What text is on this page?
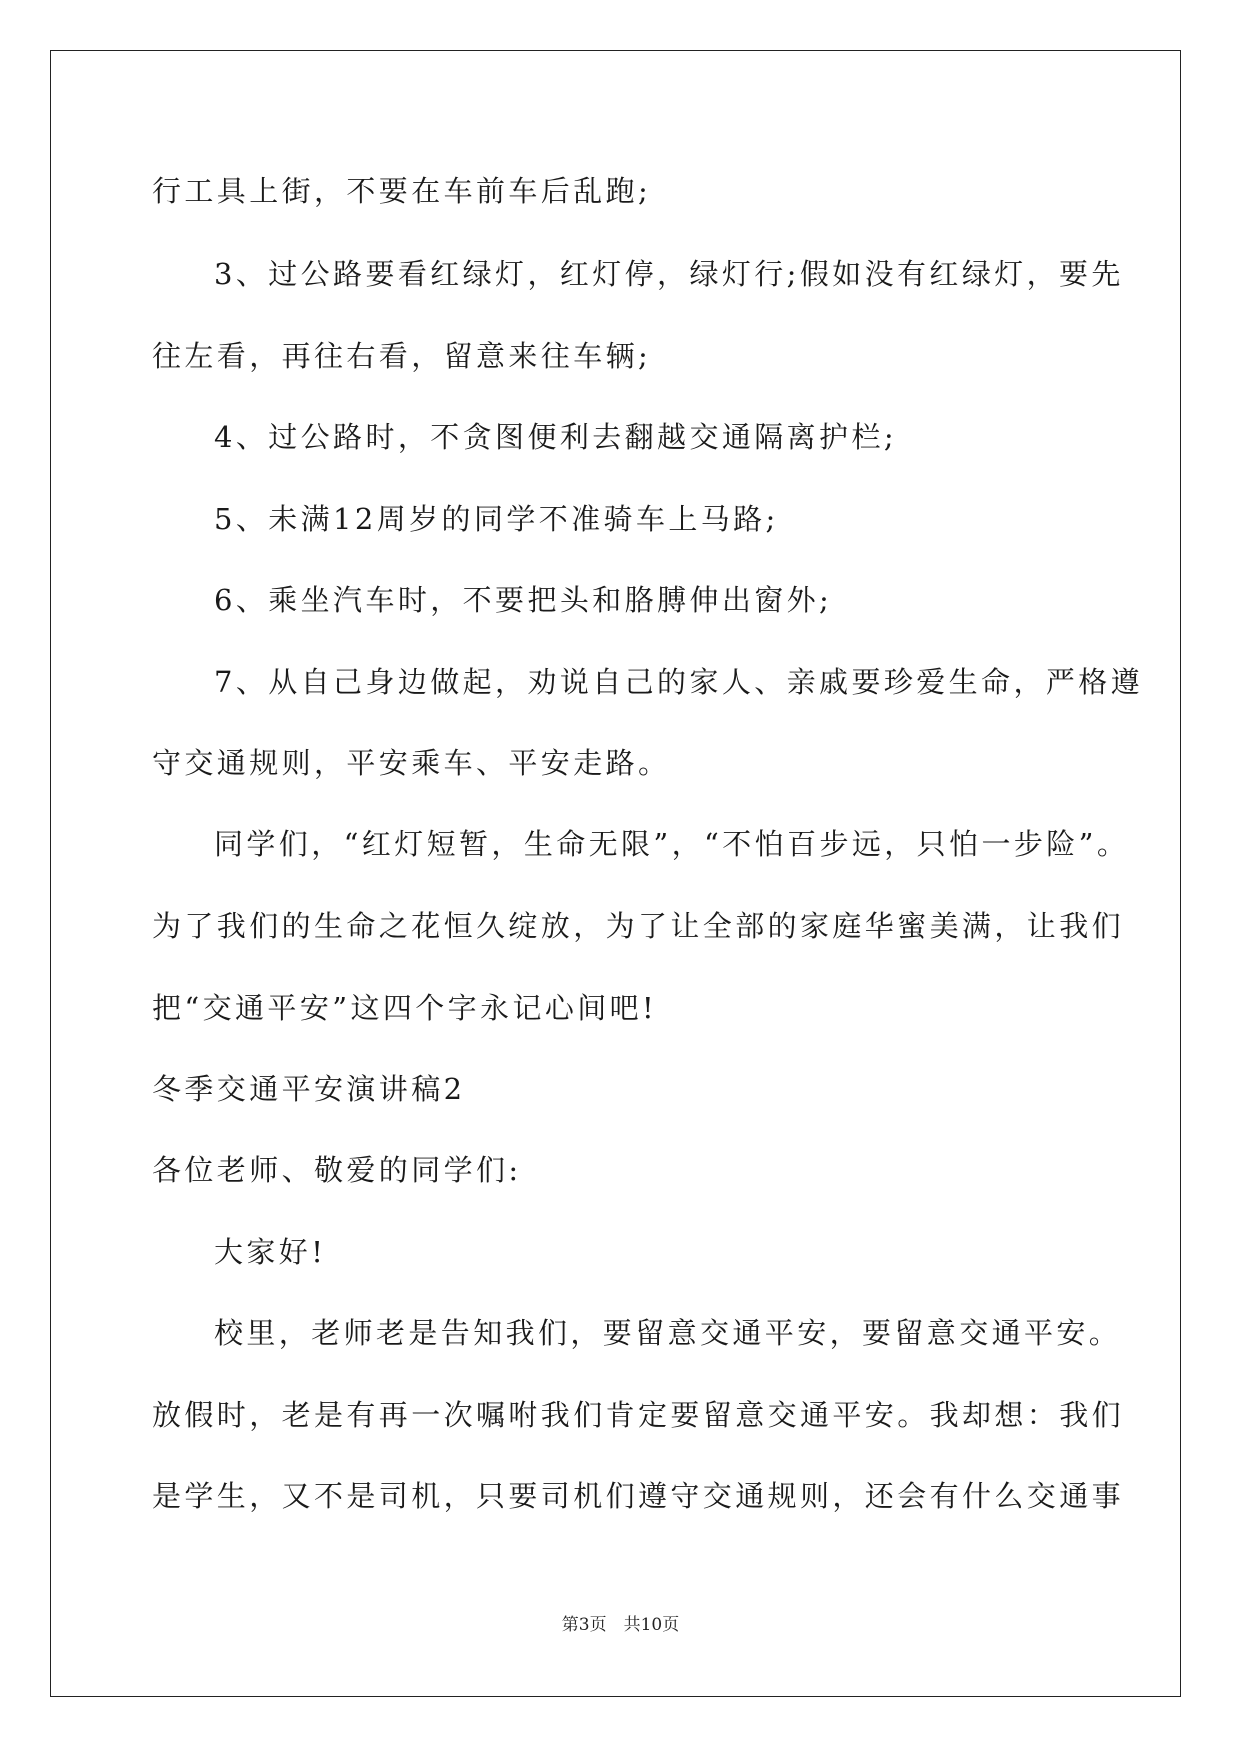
行工具上街，不要在车前车后乱跑;
3、过公路要看红绿灯，红灯停，绿灯行;假如没有红绿灯，要先
往左看，再往右看，留意来往车辆;
4、过公路时，不贪图便利去翻越交通隔离护栏;
5、未满12周岁的同学不准骑车上马路;
6、乘坐汽车时，不要把头和胳膊伸出窗外;
7、从自己身边做起，劝说自己的家人、亲戚要珍爱生命，严格遵
守交通规则，平安乘车、平安走路。
同学们，“红灯短暂，生命无限”，“不怕百步远，只怕一步险”。
为了我们的生命之花恒久绽放，为了让全部的家庭华蜜美满，让我们
把“交通平安”这四个字永记心间吧!
冬季交通平安演讲稿2
各位老师、敬爱的同学们:
大家好!
校里，老师老是告知我们，要留意交通平安，要留意交通平安。
放假时，老是有再一次嘱咐我们肯定要留意交通平安。我却想：我们
是学生，又不是司机，只要司机们遵守交通规则，还会有什么交通事
第3页　共10页
